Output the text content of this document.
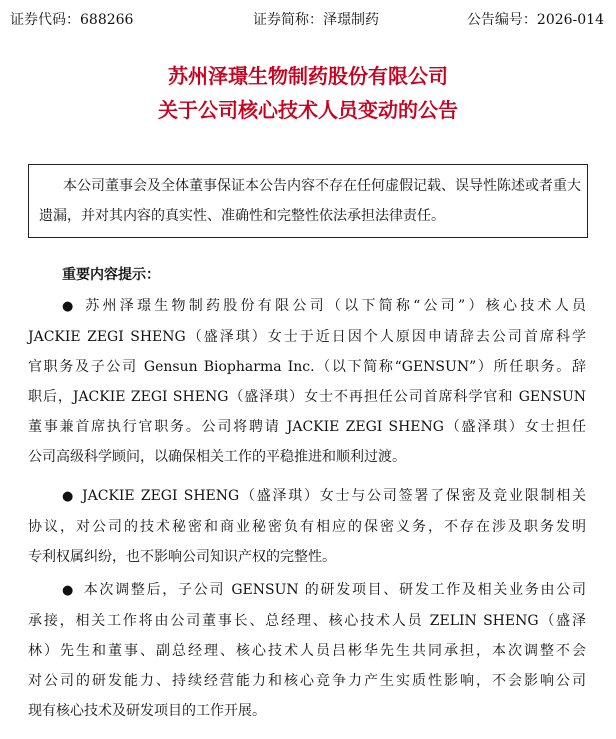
证券代码：688266	证券简称：泽璟制药	公告编号：2026-014
苏州泽璟生物制药股份有限公司
关于公司核心技术人员变动的公告
本公司董事会及全体董事保证本公告内容不存在任何虚假记载、误导性陈述或者重大遗漏，并对其内容的真实性、准确性和完整性依法承担法律责任。
重要内容提示：
● 苏州泽璟生物制药股份有限公司（以下简称“公司”）核心技术人员
JACKIE ZEGI SHENG（盛泽琪）女士于近日因个人原因申请辞去公司首席科学
官职务及子公司 Gensun Biopharma Inc.（以下简称“GENSUN”）所任职务。辞
职后，JACKIE ZEGI SHENG（盛泽琪）女士不再担任公司首席科学官和 GENSUN
董事兼首席执行官职务。公司将聘请 JACKIE ZEGI SHENG（盛泽琪）女士担任
公司高级科学顾问，以确保相关工作的平稳推进和顺利过渡。
● JACKIE ZEGI SHENG（盛泽琪）女士与公司签署了保密及竞业限制相关
协议，对公司的技术秘密和商业秘密负有相应的保密义务，不存在涉及职务发明
专利权属纠纷，也不影响公司知识产权的完整性。
● 本次调整后，子公司 GENSUN 的研发项目、研发工作及相关业务由公司
承接，相关工作将由公司董事长、总经理、核心技术人员 ZELIN SHENG（盛泽
林）先生和董事、副总经理、核心技术人员吕彬华先生共同承担，本次调整不会
对公司的研发能力、持续经营能力和核心竞争力产生实质性影响，不会影响公司
现有核心技术及研发项目的工作开展。
